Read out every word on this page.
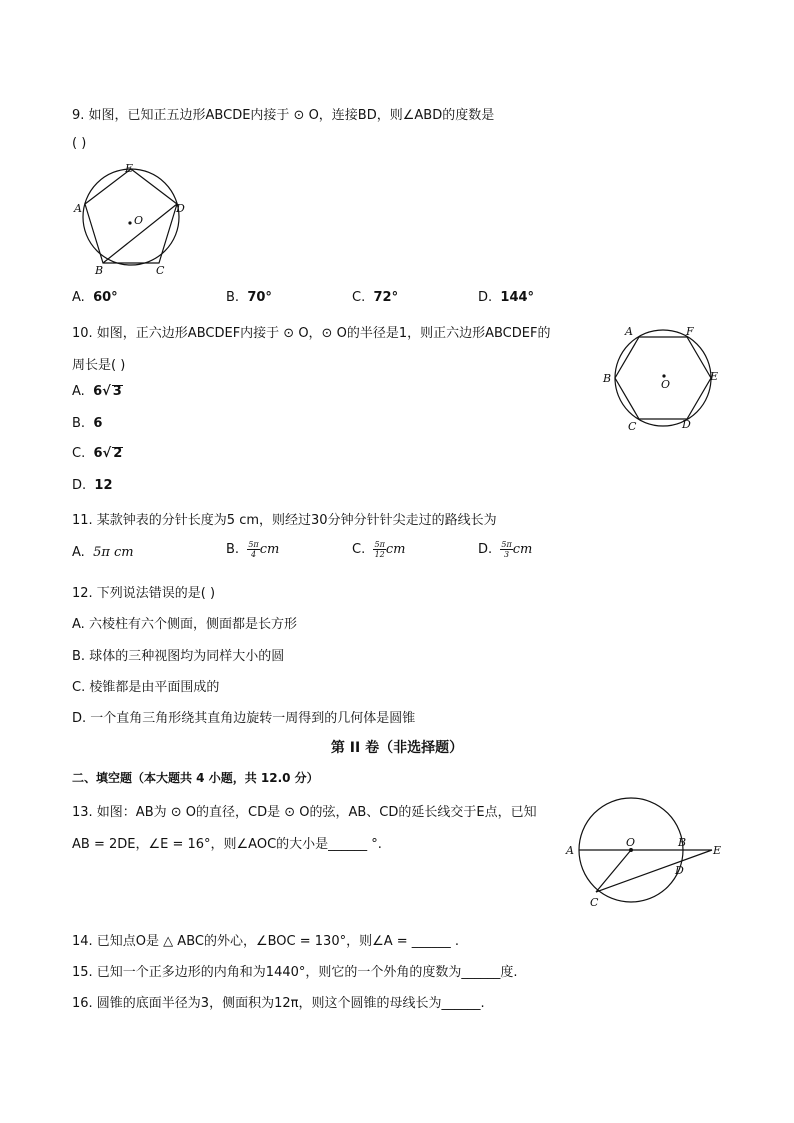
9. 如图，已知正五边形ABCDE内接于 ⊙ O，连接BD，则∠ABD的度数是
( )
E
A
O
D
B	C
A. 60°	B. 70°	C. 72°	D. 144°
10. 如图，正六边形ABCDEF内接于 ⊙ O，⊙ O的半径是1，则正六边形ABCDEF的
周长是( )
A	F
B	O
E
C	D
A. 6√ 3
B. 6
C. 6√ 2
D. 12
11. 某款钟表的分针长度为5 cm，则经过30分钟分针针尖走过的路线长为
A. 5π cm	B. $\frac{5\pi}{4}$ cm	C. $\frac{5\pi}{12}$ cm	D. $\frac{5\pi}{3}$ cm
12. 下列说法错误的是( )
A. 六棱柱有六个侧面，侧面都是长方形
B. 球体的三种视图均为同样大小的圆
C. 棱锥都是由平面围成的
D. 一个直角三角形绕其直角边旋转一周得到的几何体是圆锥
第 II 卷（非选择题）
二、填空题（本大题共 4 小题，共 12.0 分）
13. 如图：AB为 ⊙ O的直径，CD是 ⊙ O的弦，AB、CD的延长线交于E点，已知
AB = 2DE，∠E = 16°，则∠AOC的大小是______ °.	A
O	B
E
D
C
14. 已知点O是 △ ABC的外心，∠BOC = 130°，则∠A = ______ .
15. 已知一个正多边形的内角和为1440°，则它的一个外角的度数为______度.
16. 圆锥的底面半径为3，侧面积为12π，则这个圆锥的母线长为______.
